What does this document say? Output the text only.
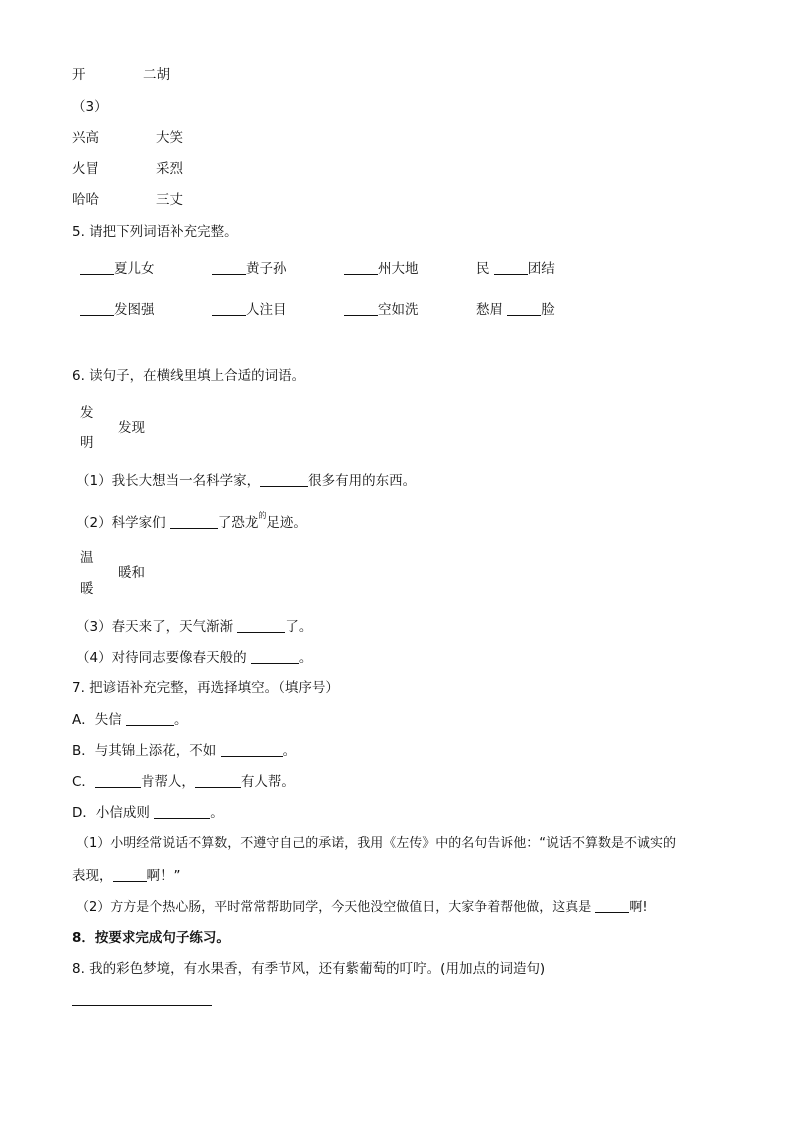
开	二胡
（3）
兴高	大笑
火冒	采烈
哈哈	三丈
5. 请把下列词语补充完整。
夏儿女	黄子孙	州大地	民	团结
发图强	人注目	空如洗	愁眉	脸
6. 读句子，在横线里填上合适的词语。
发
明
发现
（1）我长大想当一名科学家，	很多有用的东西。
（2）科学家们	了恐龙$^的$足迹。
温
暖
暖和
（3）春天来了，天气渐渐	了。
（4）对待同志要像春天般的	。
7. 把谚语补充完整，再选择填空。（填序号）
A．失信	。
B．与其锦上添花，不如	。
C．	肯帮人，	有人帮。
D．小信成则	。
（1）小明经常说话不算数，不遵守自己的承诺，我用《左传》中的名句告诉他：“说话不算数是不诚实的
表现，	啊！”
（2）方方是个热心肠，平时常常帮助同学，今天他没空做值日，大家争着帮他做，这真是	啊!
8．按要求完成句子练习。
8. 我的彩色梦境，有水果香，有季节风，还有紫葡萄的叮咛。(用加点的词造句)
